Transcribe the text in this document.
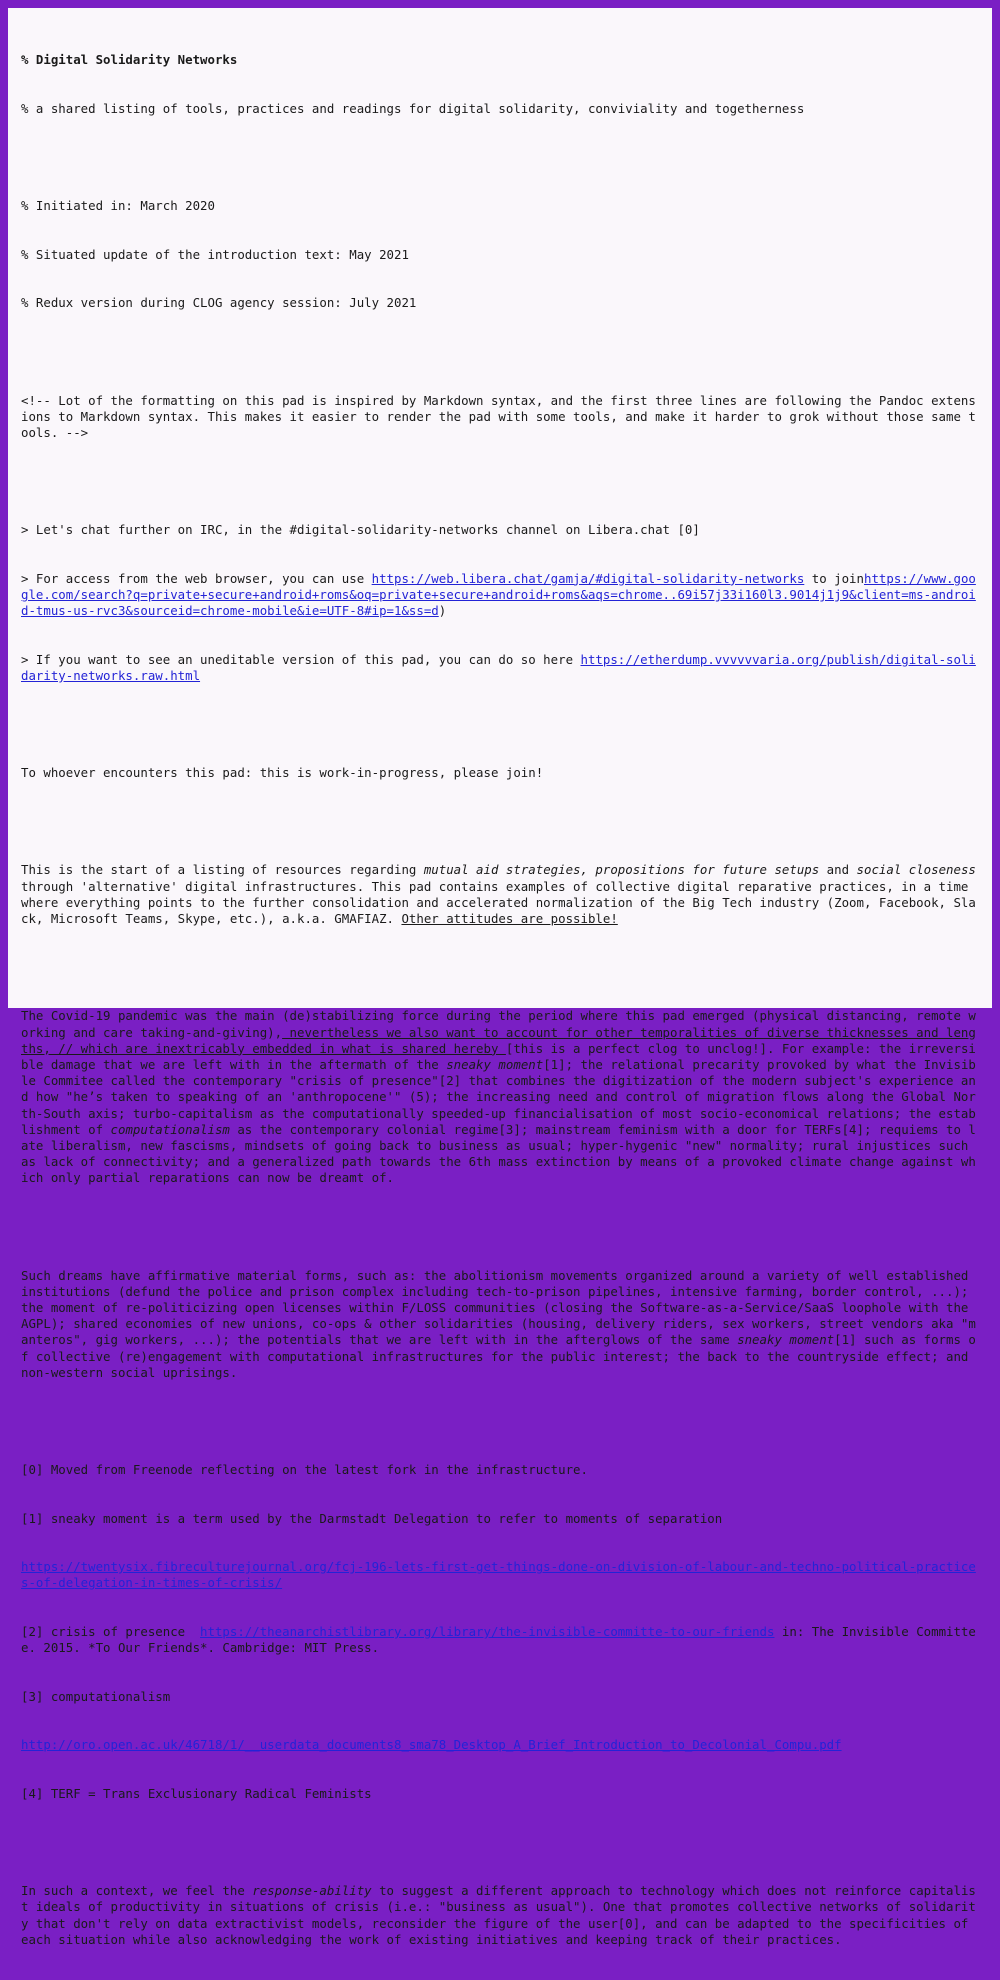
% Digital Solidarity Networks

% a shared listing of tools, practices and readings for digital solidarity, conviviality and togetherness

% Initiated in: March 2020

% Situated update of the introduction text: May 2021

% Redux version during CLOG agency session: July 2021

<!-- Lot of the formatting on this pad is inspired by Markdown syntax, and the first three lines are following the Pandoc extensions to Markdown syntax. This makes it easier to render the pad with some tools, and make it harder to grok without those same tools. -->

> Let's chat further on IRC, in the #digital-solidarity-networks channel on Libera.chat [0]

> For access from the web browser, you can use https://web.libera.chat/gamja/#digital-solidarity-networks to joinhttps://www.google.com/search?q=private+secure+android+roms&oq=private+secure+android+roms&aqs=chrome..69i57j33i160l3.9014j1j9&client=ms-android-tmus-us-rvc3&sourceid=chrome-mobile&ie=UTF-8#ip=1&ss=d)

> If you want to see an uneditable version of this pad, you can do so here https://etherdump.vvvvvvaria.org/publish/digital-solidarity-networks.raw.html

To whoever encounters this pad: this is work-in-progress, please join!

This is the start of a listing of resources regarding mutual aid strategies, propositions for future setups and social closeness through 'alternative' digital infrastructures. This pad contains examples of collective digital reparative practices, in a time where everything points to the further consolidation and accelerated normalization of the Big Tech industry (Zoom, Facebook, Slack, Microsoft Teams, Skype, etc.), a.k.a. GMAFIAZ. Other attitudes are possible!

The Covid-19 pandemic was the main (de)stabilizing force during the period where this pad emerged (physical distancing, remote working and care taking-and-giving), nevertheless we also want to account for other temporalities of diverse thicknesses and lengths, // which are inextricably embedded in what is shared hereby [this is a perfect clog to unclog!]. For example: the irreversible damage that we are left with in the aftermath of the sneaky moment[1]; the relational precarity provoked by what the Invisible Commitee called the contemporary "crisis of presence"[2] that combines the digitization of the modern subject's experience and how "he’s taken to speaking of an 'anthropocene'" (5); the increasing need and control of migration flows along the Global North-South axis; turbo-capitalism as the computationally speeded-up financialisation of most socio-economical relations; the establishment of computationalism as the contemporary colonial regime[3]; mainstream feminism with a door for TERFs[4]; requiems to late liberalism, new fascisms, mindsets of going back to business as usual; hyper-hygenic "new" normality; rural injustices such as lack of connectivity; and a generalized path towards the 6th mass extinction by means of a provoked climate change against which only partial reparations can now be dreamt of.

Such dreams have affirmative material forms, such as: the abolitionism movements organized around a variety of well established institutions (defund the police and prison complex including tech-to-prison pipelines, intensive farming, border control, ...); the moment of re-politicizing open licenses within F/LOSS communities (closing the Software-as-a-Service/SaaS loophole with the AGPL); shared economies of new unions, co-ops & other solidarities (housing, delivery riders, sex workers, street vendors aka "manteros", gig workers, ...); the potentials that we are left with in the afterglows of the same sneaky moment[1] such as forms of collective (re)engagement with computational infrastructures for the public interest; the back to the countryside effect; and non-western social uprisings.

[0] Moved from Freenode reflecting on the latest fork in the infrastructure.

[1] sneaky moment is a term used by the Darmstadt Delegation to refer to moments of separation

https://twentysix.fibreculturejournal.org/fcj-196-lets-first-get-things-done-on-division-of-labour-and-techno-political-practices-of-delegation-in-times-of-crisis/

[2] crisis of presence  https://theanarchistlibrary.org/library/the-invisible-committe-to-our-friends in: The Invisible Committee. 2015. *To Our Friends*. Cambridge: MIT Press.

[3] computationalism

http://oro.open.ac.uk/46718/1/__userdata_documents8_sma78_Desktop_A_Brief_Introduction_to_Decolonial_Compu.pdf

[4] TERF = Trans Exclusionary Radical Feminists

In such a context, we feel the response-ability to suggest a different approach to technology which does not reinforce capitalist ideals of productivity in situations of crisis (i.e.: "business as usual"). One that promotes collective networks of solidarity that don't rely on data extractivist models, reconsider the figure of the user[0], and can be adapted to the specificities of each situation while also acknowledging the work of existing initiatives and keeping track of their practices.
